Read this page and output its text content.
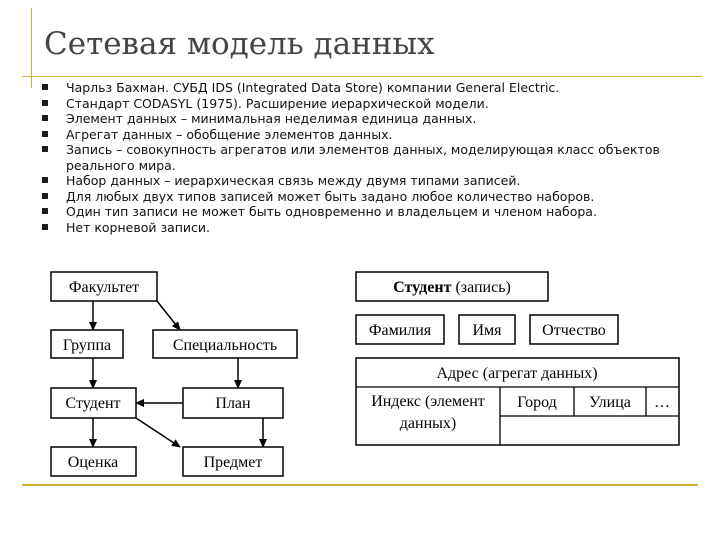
Сетевая модель данных
Чарльз Бахман. СУБД IDS (Integrated Data Store) компании General Electric.
Стандарт CODASYL (1975). Расширение иерархической модели.
Элемент данных – минимальная неделимая единица данных.
Агрегат данных – обобщение элементов данных.
Запись – совокупность агрегатов или элементов данных, моделирующая класс объектов реального мира.
Набор данных – иерархическая связь между двумя типами записей.
Для любых двух типов записей может быть задано любое количество наборов.
Один тип записи не может быть одновременно и владельцем и членом набора.
Нет корневой записи.
Факультет
Группа	Специальность
Студент	План
Оценка	Предмет
Студент (запись)
Фамилия	Имя	Отчество
Адрес (агрегат данных)
Индекс (элемент
данных)
Город Улица …
